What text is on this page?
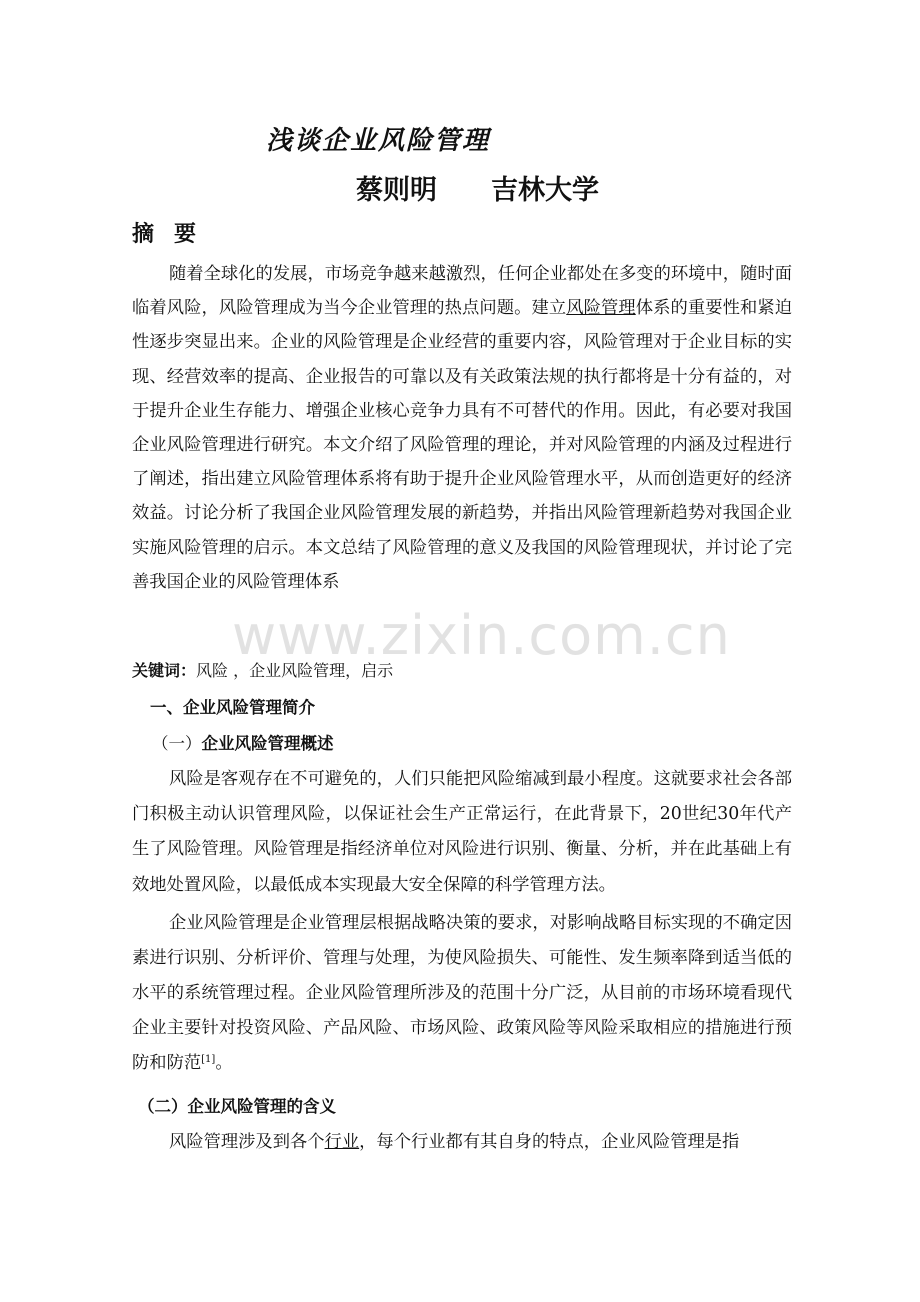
浅谈企业风险管理
蔡则明　　吉林大学
摘要

随着全球化的发展，市场竞争越来越激烈，任何企业都处在多变的环境中，随时面临着风险，风险管理成为当今企业管理的热点问题。建立风险管理体系的重要性和紧迫性逐步突显出来。企业的风险管理是企业经营的重要内容，风险管理对于企业目标的实现、经营效率的提高、企业报告的可靠以及有关政策法规的执行都将是十分有益的，对于提升企业生存能力、增强企业核心竞争力具有不可替代的作用。因此，有必要对我国企业风险管理进行研究。本文介绍了风险管理的理论，并对风险管理的内涵及过程进行了阐述，指出建立风险管理体系将有助于提升企业风险管理水平，从而创造更好的经济效益。讨论分析了我国企业风险管理发展的新趋势，并指出风险管理新趋势对我国企业实施风险管理的启示。本文总结了风险管理的意义及我国的风险管理现状，并讨论了完善我国企业的风险管理体系

www.zixin.com.cn

关键词：风险 ，企业风险管理，启示

一、企业风险管理简介
（一）企业风险管理概述

风险是客观存在不可避免的，人们只能把风险缩减到最小程度。这就要求社会各部门积极主动认识管理风险，以保证社会生产正常运行，在此背景下，20世纪30年代产生了风险管理。风险管理是指经济单位对风险进行识别、衡量、分析，并在此基础上有效地处置风险，以最低成本实现最大安全保障的科学管理方法。

企业风险管理是企业管理层根据战略决策的要求，对影响战略目标实现的不确定因素进行识别、分析评价、管理与处理，为使风险损失、可能性、发生频率降到适当低的水平的系统管理过程。企业风险管理所涉及的范围十分广泛，从目前的市场环境看现代企业主要针对投资风险、产品风险、市场风险、政策风险等风险采取相应的措施进行预防和防范[1]。

（二）企业风险管理的含义

风险管理涉及到各个行业，每个行业都有其自身的特点，企业风险管理是指
